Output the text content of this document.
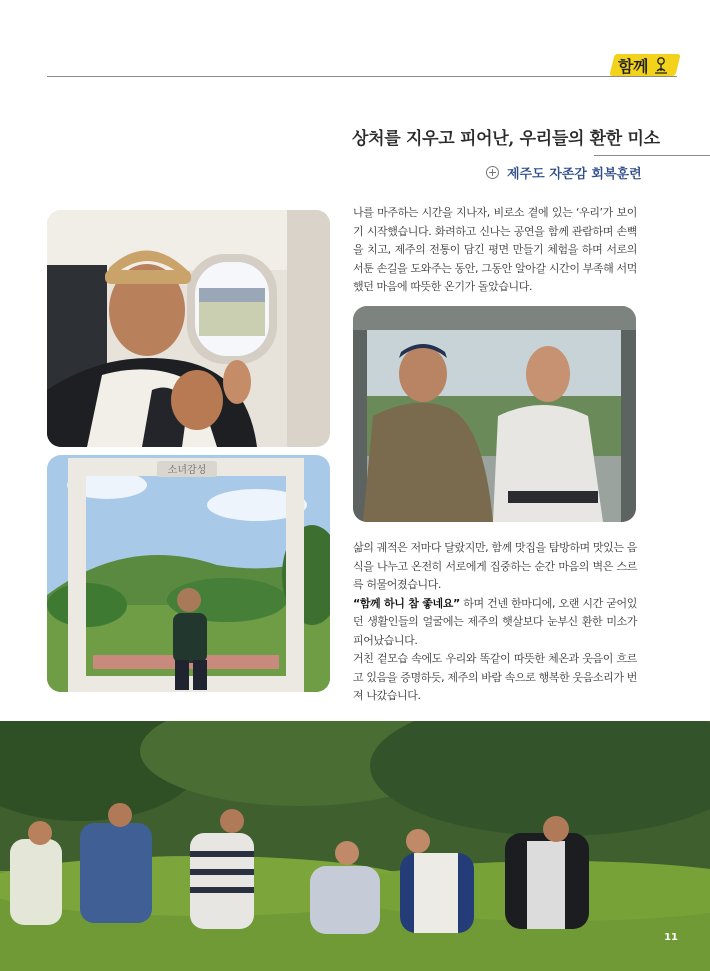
함께
상처를 지우고 피어난, 우리들의 환한 미소
제주도 자존감 회복훈련

나를 마주하는 시간을 지나자, 비로소 곁에 있는 ‘우리’가 보이기 시작했습니다. 화려하고 신나는 공연을 함께 관람하며 손뼉을 치고, 제주의 전통이 담긴 평면 만들기 체험을 하며 서로의 서툰 손길을 도와주는 동안, 그동안 알아갈 시간이 부족해 서먹했던 마음에 따뜻한 온기가 돌았습니다.

삶의 궤적은 저마다 달랐지만, 함께 맛집을 탐방하며 맛있는 음식을 나누고 온전히 서로에게 집중하는 순간 마음의 벽은 스르륵 허물어졌습니다.

“함께 하니 참 좋네요” 하며 건넨 한마디에, 오랜 시간 굳어있던 생활인들의 얼굴에는 제주의 햇살보다 눈부신 환한 미소가 피어났습니다.

거친 겉모습 속에도 우리와 똑같이 따뜻한 체온과 웃음이 흐르고 있음을 증명하듯, 제주의 바람 속으로 행복한 웃음소리가 번져 나갔습니다.

소녀감성
11
